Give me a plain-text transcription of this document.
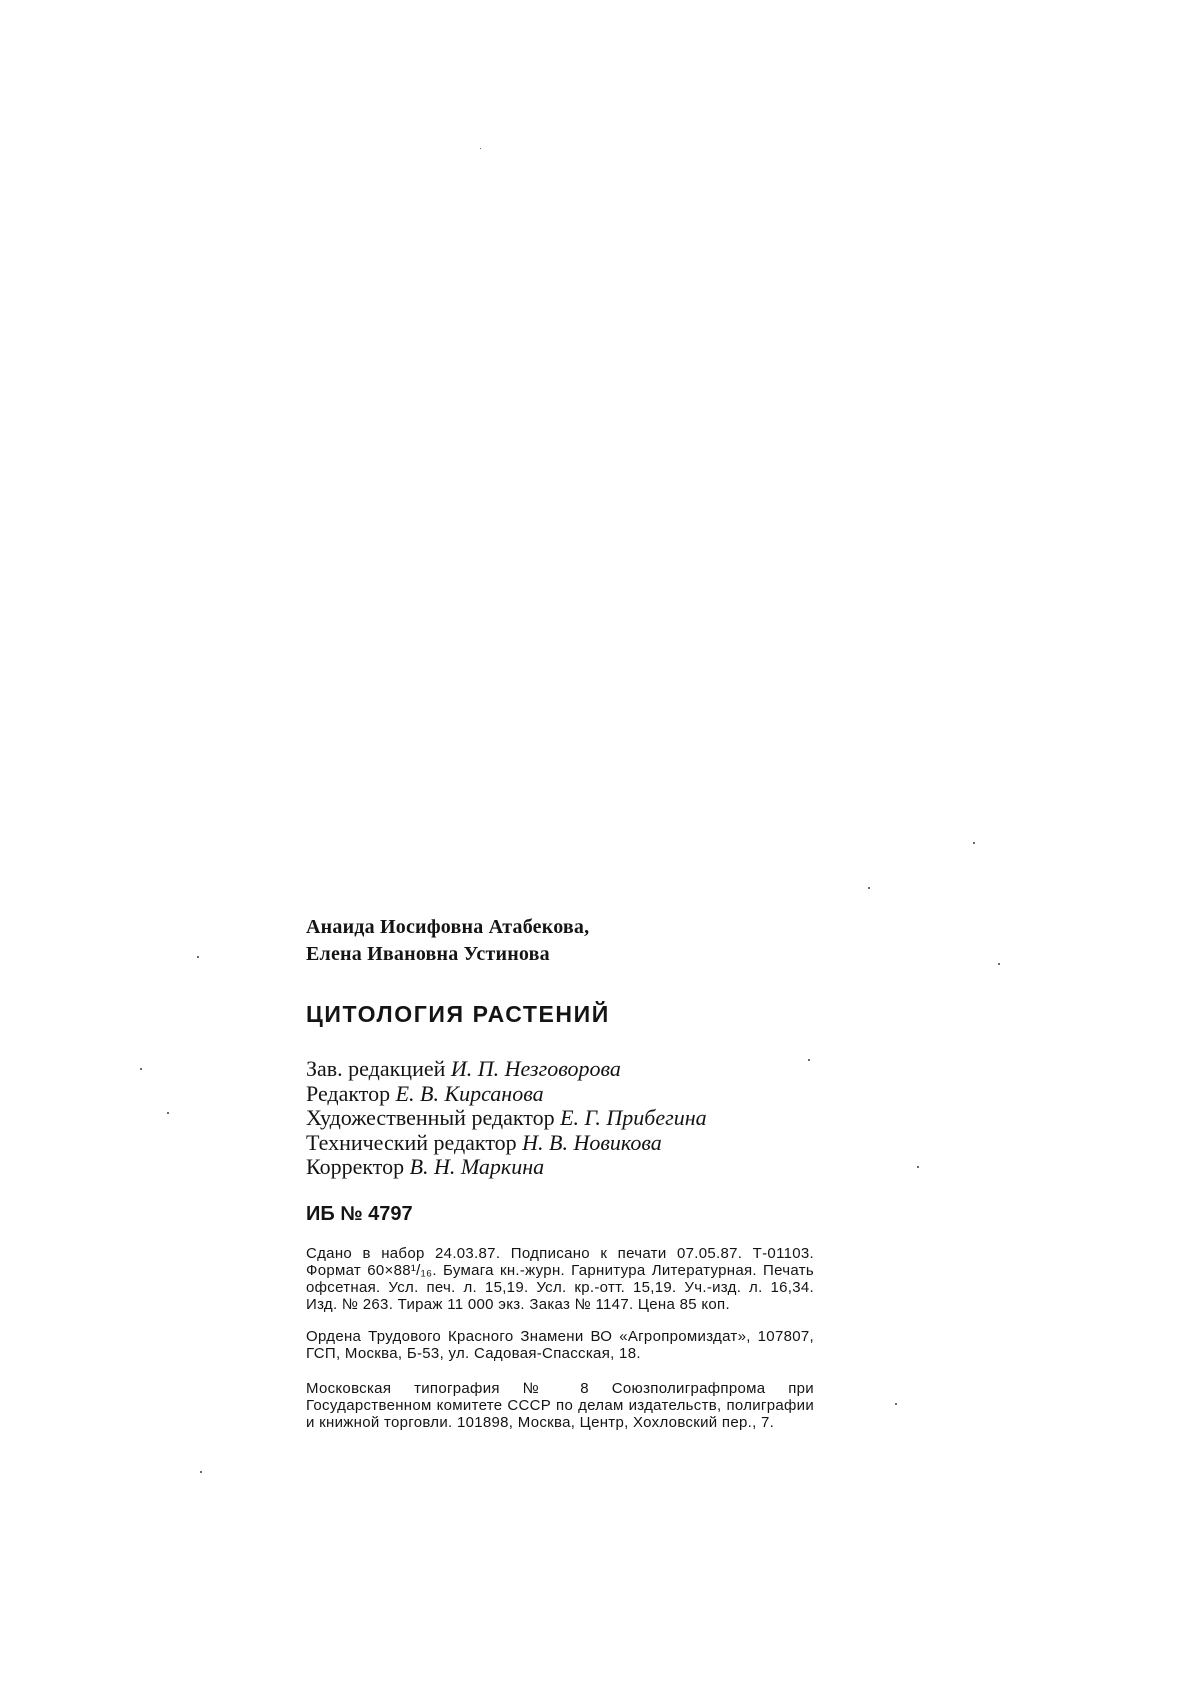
Анаида Иосифовна Атабекова,
Елена Ивановна Устинова
ЦИТОЛОГИЯ РАСТЕНИЙ
Зав. редакцией И. П. Незговорова
Редактор Е. В. Кирсанова
Художественный редактор Е. Г. Прибегина
Технический редактор Н. В. Новикова
Корректор В. Н. Маркина
ИБ № 4797
Сдано в набор 24.03.87. Подписано к печати 07.05.87. Т-01103. Формат 60×88¹/₁₆. Бумага кн.-журн. Гарнитура Литературная. Печать офсетная. Усл. печ. л. 15,19. Усл. кр.-отт. 15,19. Уч.-изд. л. 16,34. Изд. № 263. Тираж 11 000 экз. Заказ № 1147. Цена 85 коп.
Ордена Трудового Красного Знамени ВО «Агропромиздат», 107807, ГСП, Москва, Б-53, ул. Садовая-Спасская, 18.
Московская типография № 8 Союзполиграфпрома при Государственном комитете СССР по делам издательств, полиграфии и книжной торговли. 101898, Москва, Центр, Хохловский пер., 7.
